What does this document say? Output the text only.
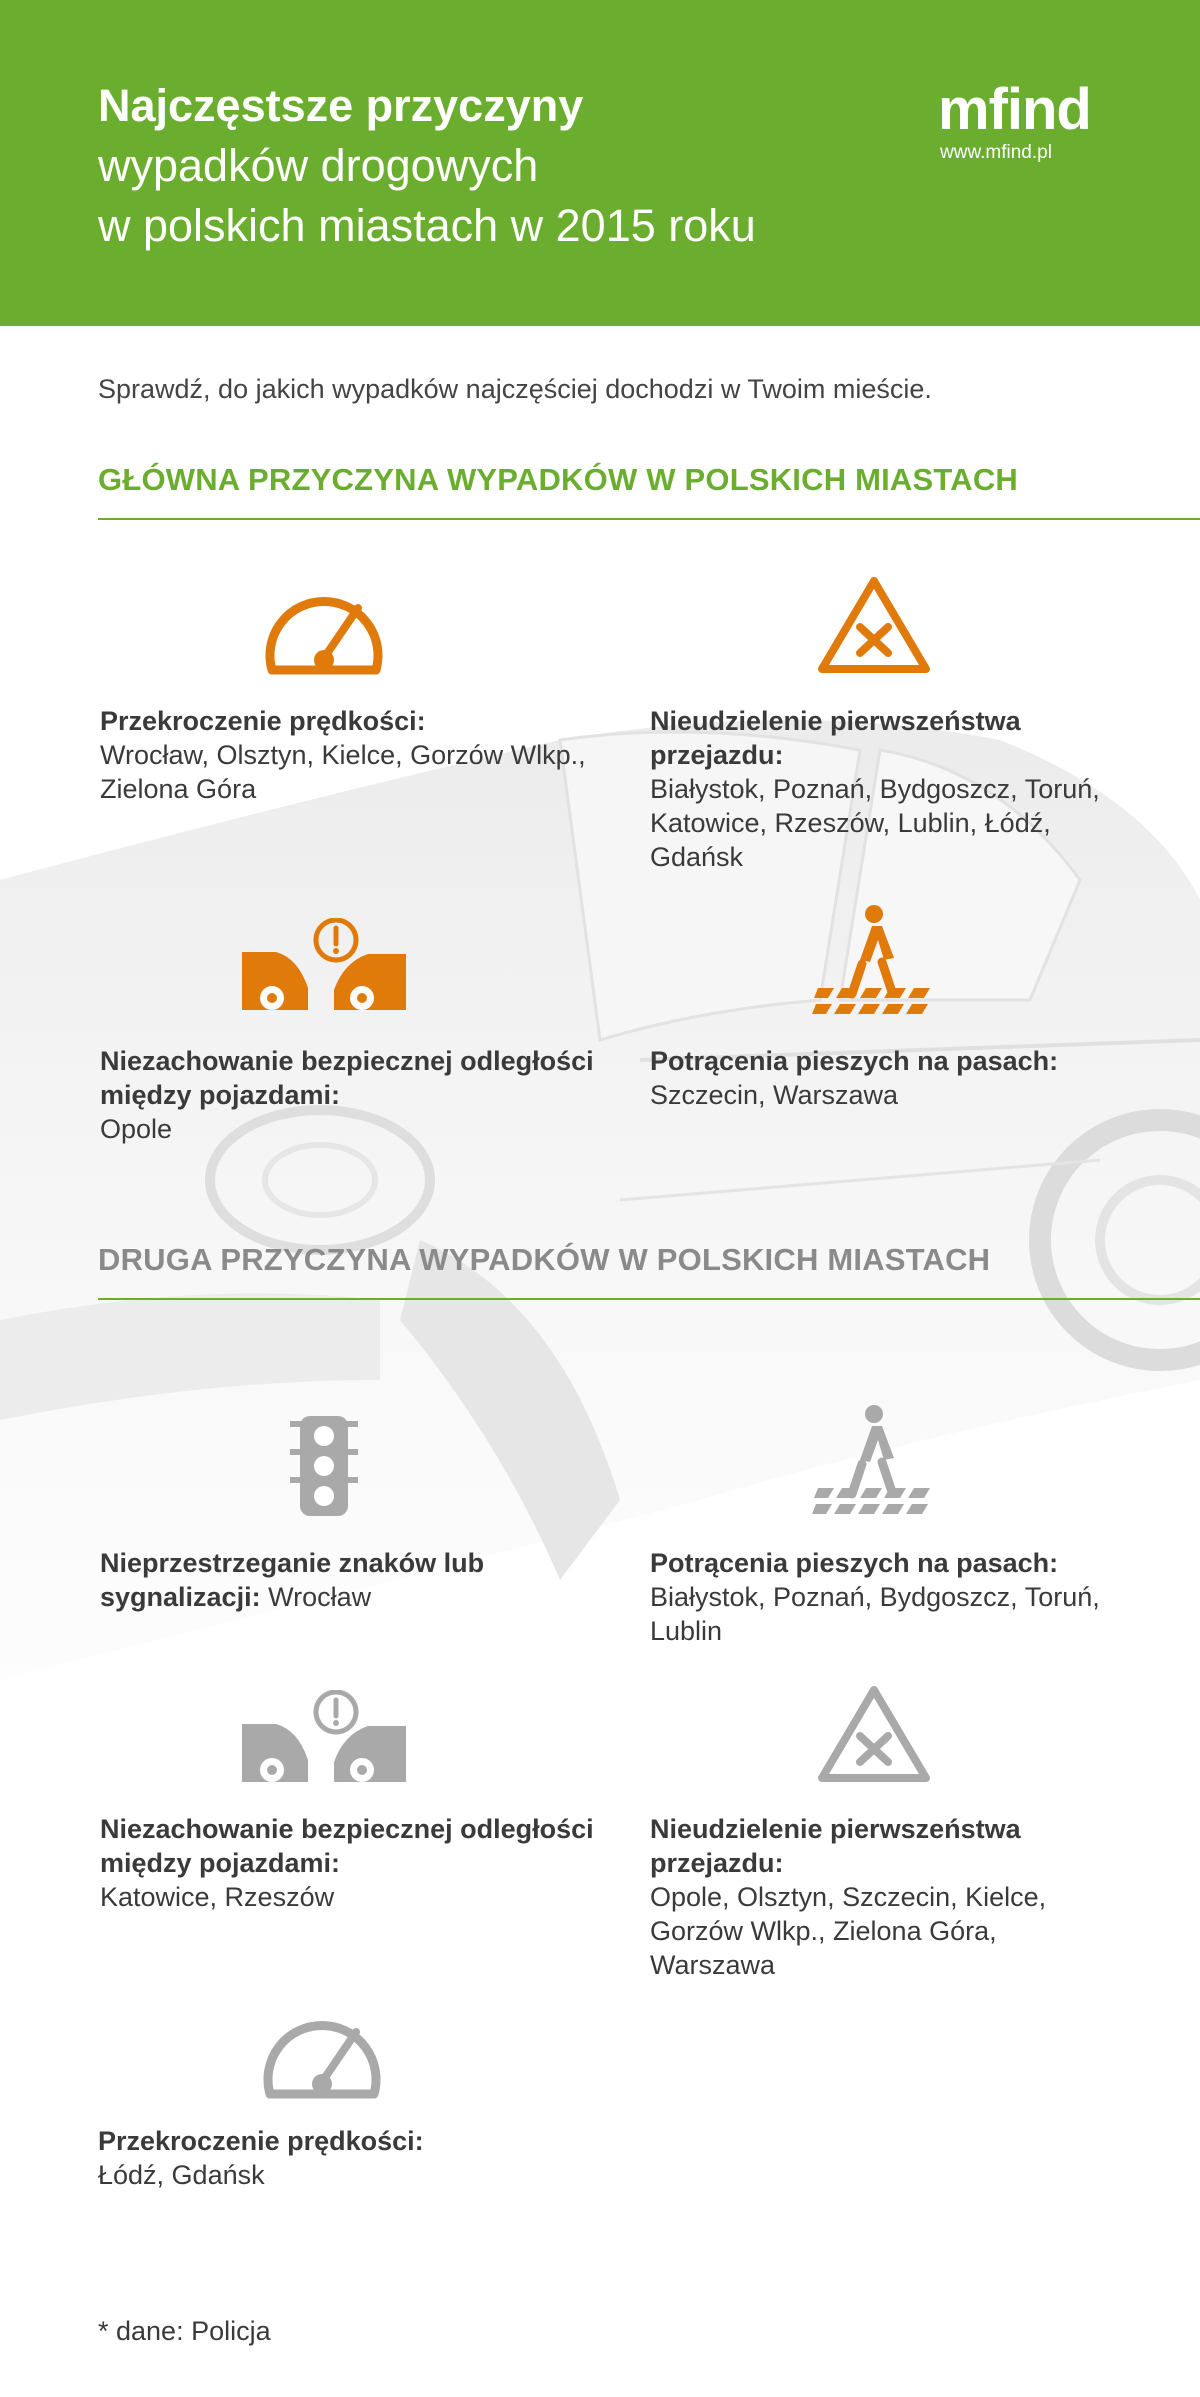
Najczęstsze przyczyny
wypadków drogowych
w polskich miastach w 2015 roku
mfind
www.mfind.pl
Sprawdź, do jakich wypadków najczęściej dochodzi w Twoim mieście.
GŁÓWNA PRZYCZYNA WYPADKÓW W POLSKICH MIASTACH
Przekroczenie prędkości:
Wrocław, Olsztyn, Kielce, Gorzów Wlkp., Zielona Góra
Nieudzielenie pierwszeństwa przejazdu:
Białystok, Poznań, Bydgoszcz, Toruń, Katowice, Rzeszów, Lublin, Łódź, Gdańsk
Niezachowanie bezpiecznej odległości między pojazdami:
Opole
Potrącenia pieszych na pasach:
Szczecin, Warszawa
DRUGA PRZYCZYNA WYPADKÓW W POLSKICH MIASTACH
Nieprzestrzeganie znaków lub sygnalizacji: Wrocław
Potrącenia pieszych na pasach:
Białystok, Poznań, Bydgoszcz, Toruń, Lublin
Niezachowanie bezpiecznej odległości między pojazdami:
Katowice, Rzeszów
Nieudzielenie pierwszeństwa przejazdu:
Opole, Olsztyn, Szczecin, Kielce, Gorzów Wlkp., Zielona Góra, Warszawa
Przekroczenie prędkości:
Łódź, Gdańsk
* dane: Policja
